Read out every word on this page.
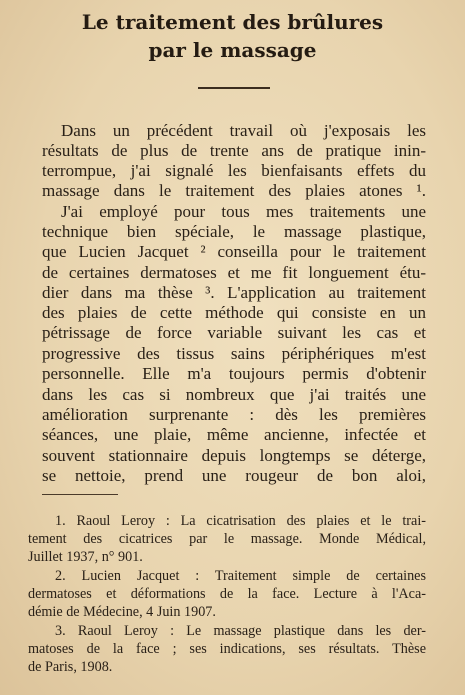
Le traitement des brûlures
par le massage
Dans un précédent travail où j'exposais les
résultats de plus de trente ans de pratique inin-
terrompue, j'ai signalé les bienfaisants effets du
massage dans le traitement des plaies atones ¹.
J'ai employé pour tous mes traitements une
technique bien spéciale, le massage plastique,
que Lucien Jacquet ² conseilla pour le traitement
de certaines dermatoses et me fit longuement étu-
dier dans ma thèse ³. L'application au traitement
des plaies de cette méthode qui consiste en un
pétrissage de force variable suivant les cas et
progressive des tissus sains périphériques m'est
personnelle. Elle m'a toujours permis d'obtenir
dans les cas si nombreux que j'ai traités une
amélioration surprenante : dès les premières
séances, une plaie, même ancienne, infectée et
souvent stationnaire depuis longtemps se déterge,
se nettoie, prend une rougeur de bon aloi,
1. Raoul Leroy : La cicatrisation des plaies et le trai-
tement des cicatrices par le massage. Monde Médical,
Juillet 1937, n° 901.
2. Lucien Jacquet : Traitement simple de certaines
dermatoses et déformations de la face. Lecture à l'Aca-
démie de Médecine, 4 Juin 1907.
3. Raoul Leroy : Le massage plastique dans les der-
matoses de la face ; ses indications, ses résultats. Thèse
de Paris, 1908.
